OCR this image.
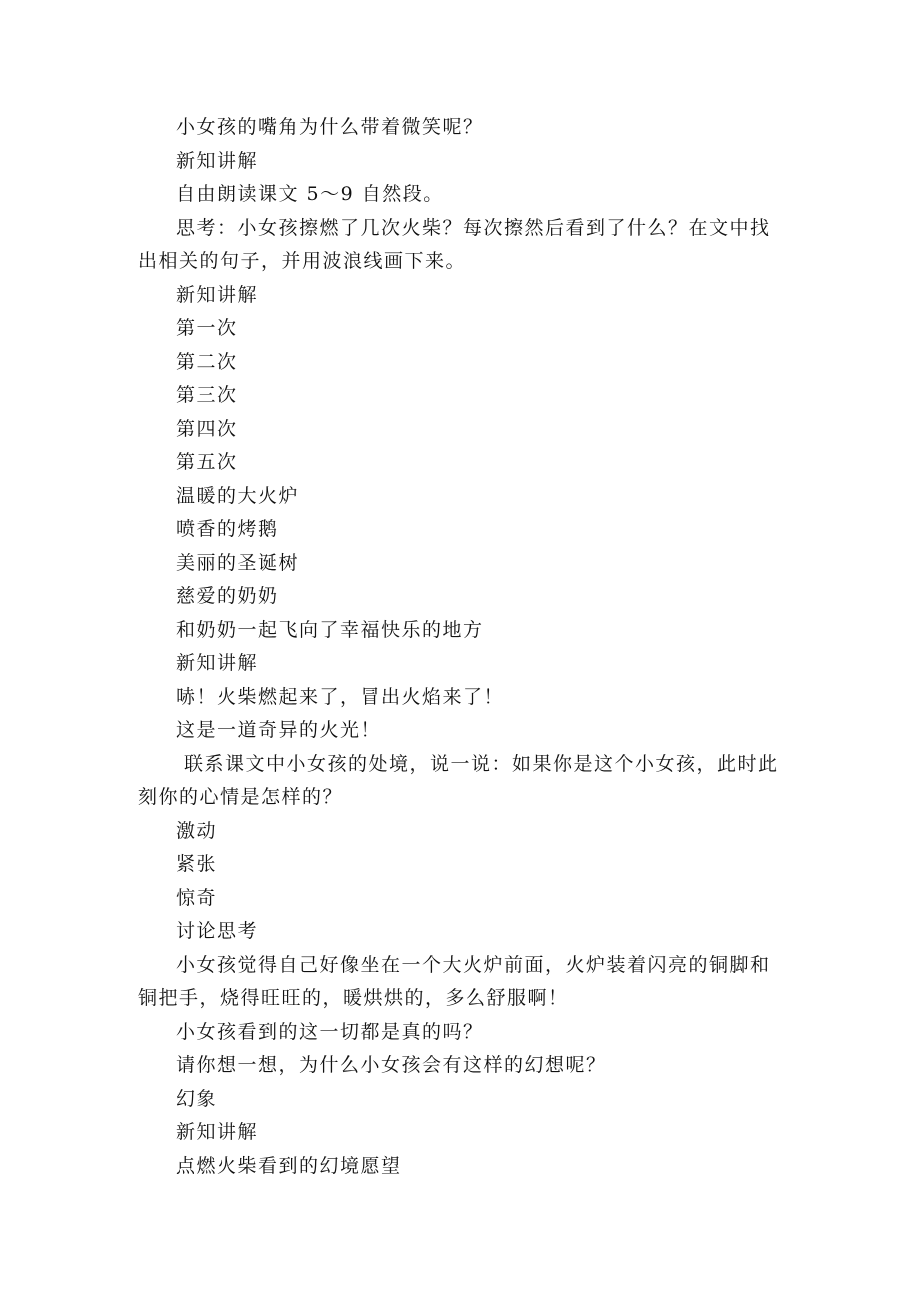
小女孩的嘴角为什么带着微笑呢？

新知讲解

自由朗读课文 5～9 自然段。

思考：小女孩擦燃了几次火柴？每次擦然后看到了什么？在文中找出相关的句子，并用波浪线画下来。

新知讲解

第一次

第二次

第三次

第四次

第五次

温暖的大火炉

喷香的烤鹅

美丽的圣诞树

慈爱的奶奶

和奶奶一起飞向了幸福快乐的地方

新知讲解

哧！火柴燃起来了，冒出火焰来了！

这是一道奇异的火光！

联系课文中小女孩的处境，说一说：如果你是这个小女孩，此时此刻你的心情是怎样的？

激动

紧张

惊奇

讨论思考

小女孩觉得自己好像坐在一个大火炉前面，火炉装着闪亮的铜脚和铜把手，烧得旺旺的，暖烘烘的，多么舒服啊！

小女孩看到的这一切都是真的吗？

请你想一想，为什么小女孩会有这样的幻想呢？

幻象

新知讲解

点燃火柴看到的幻境愿望
